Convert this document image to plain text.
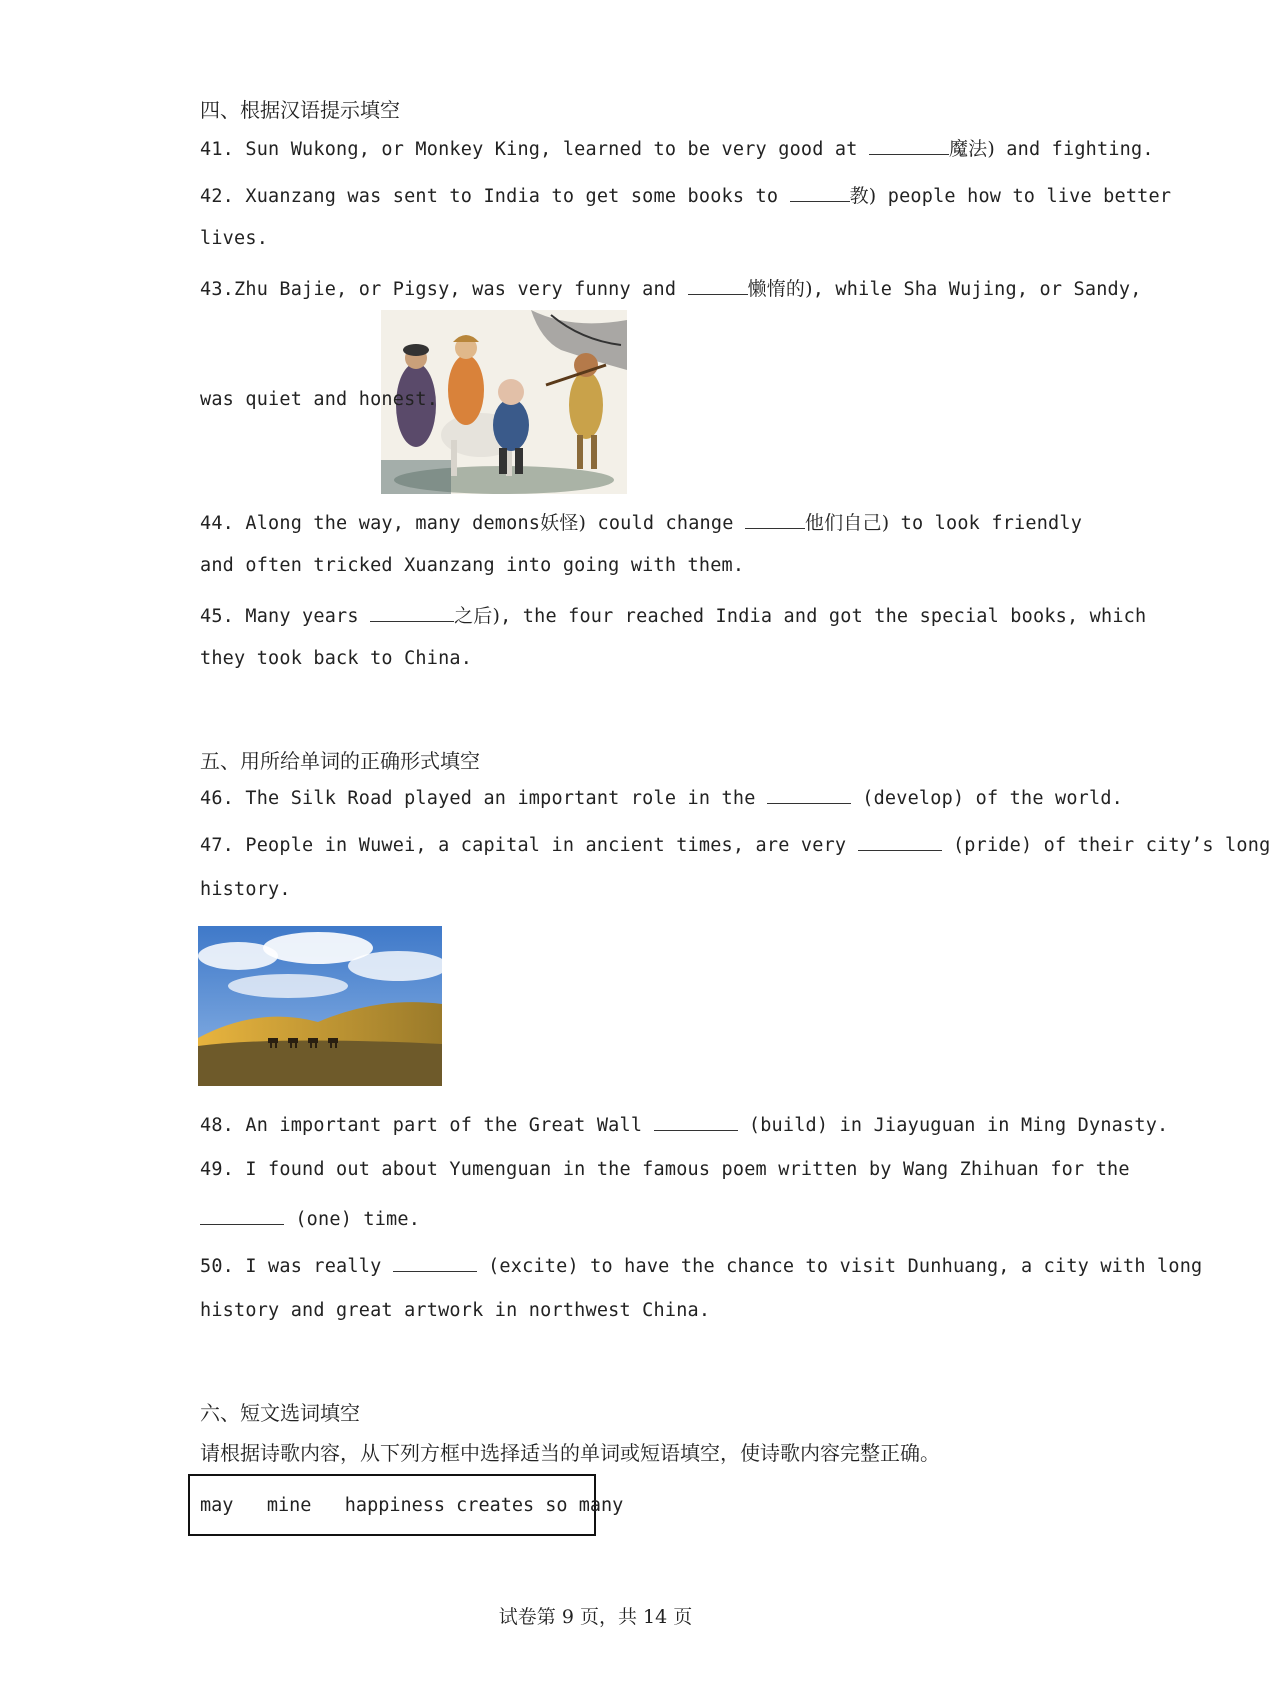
四、根据汉语提示填空
41. Sun Wukong, or Monkey King, learned to be very good at	魔法) and fighting.
42. Xuanzang was sent to India to get some books to	教) people how to live better
lives.
43.Zhu Bajie, or Pigsy, was very funny and	懒惰的), while Sha Wujing, or Sandy,
was quiet and honest.
44. Along the way, many demons妖怪) could change	他们自己) to look friendly
and often tricked Xuanzang into going with them.
45. Many years	之后), the four reached India and got the special books, which
they took back to China.
五、用所给单词的正确形式填空
46. The Silk Road played an important role in the	(develop) of the world.
47. People in Wuwei, a capital in ancient times, are very	(pride) of their city’s long
history.
48. An important part of the Great Wall	(build) in Jiayuguan in Ming Dynasty.
49. I found out about Yumenguan in the famous poem written by Wang Zhihuan for the
(one) time.
50. I was really	(excite) to have the chance to visit Dunhuang, a city with long
history and great artwork in northwest China.
六、短文选词填空
请根据诗歌内容，从下列方框中选择适当的单词或短语填空，使诗歌内容完整正确。
may   mine   happiness creates so many
试卷第 9 页，共 14 页
